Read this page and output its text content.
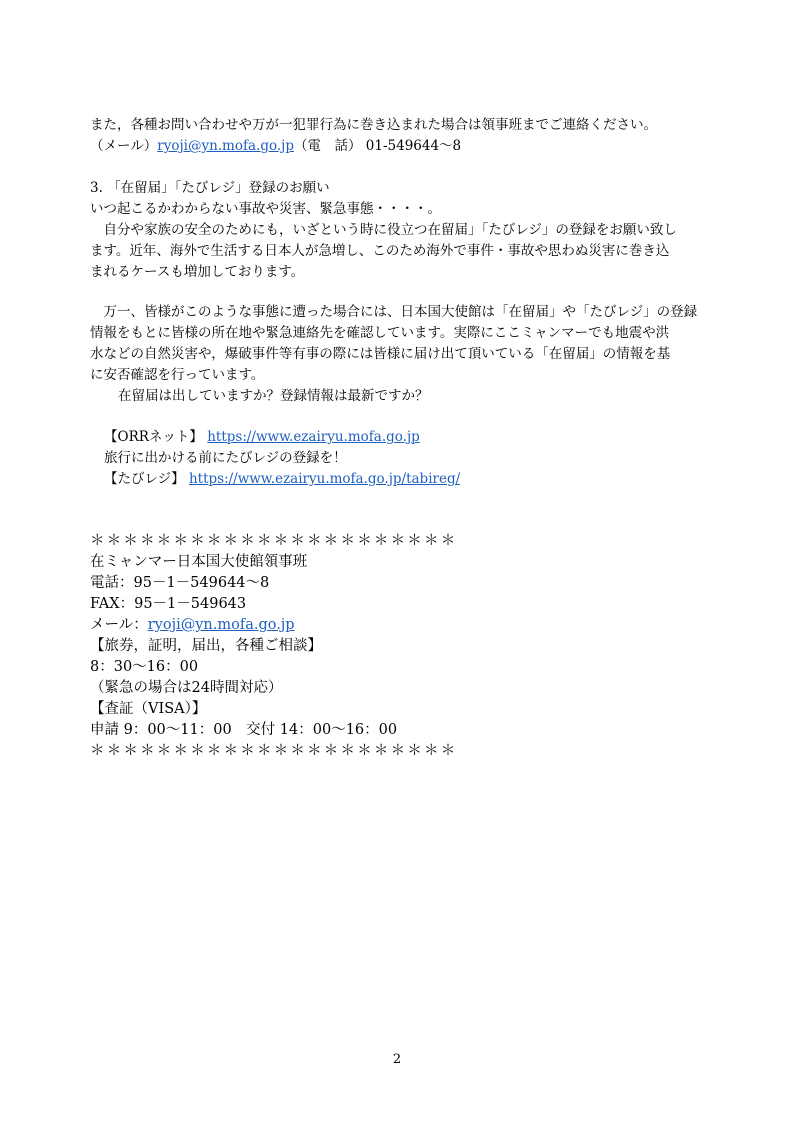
また，各種お問い合わせや万が一犯罪行為に巻き込まれた場合は領事班までご連絡ください。
（メール）ryoji@yn.mofa.go.jp（電　話） 01-549644～8
3. 「在留届」「たびレジ」登録のお願い
いつ起こるかわからない事故や災害、緊急事態・・・・。
　自分や家族の安全のためにも，いざという時に役立つ在留届」「たびレジ」の登録をお願い致し
ます。近年、海外で生活する日本人が急増し、このため海外で事件・事故や思わぬ災害に巻き込
まれるケースも増加しております。
　万一、皆様がこのような事態に遭った場合には、日本国大使館は「在留届」や「たびレジ」の登録
情報をもとに皆様の所在地や緊急連絡先を確認しています。実際にここミャンマーでも地震や洪
水などの自然災害や，爆破事件等有事の際には皆様に届け出て頂いている「在留届」の情報を基
に安否確認を行っています。
在留届は出していますか？登録情報は最新ですか？
【ORRネット】 https://www.ezairyu.mofa.go.jp
旅行に出かける前にたびレジの登録を！
【たびレジ】 https://www.ezairyu.mofa.go.jp/tabireg/
＊＊＊＊＊＊＊＊＊＊＊＊＊＊＊＊＊＊＊＊＊＊
在ミャンマー日本国大使館領事班
電話：95－1－549644～8
FAX：95－1－549643
メール：ryoji@yn.mofa.go.jp
【旅券，証明，届出，各種ご相談】
8：30～16：00
（緊急の場合は24時間対応）
【査証（VISA）】
申請 9：00～11：00　交付 14：00～16：00
＊＊＊＊＊＊＊＊＊＊＊＊＊＊＊＊＊＊＊＊＊＊
2
